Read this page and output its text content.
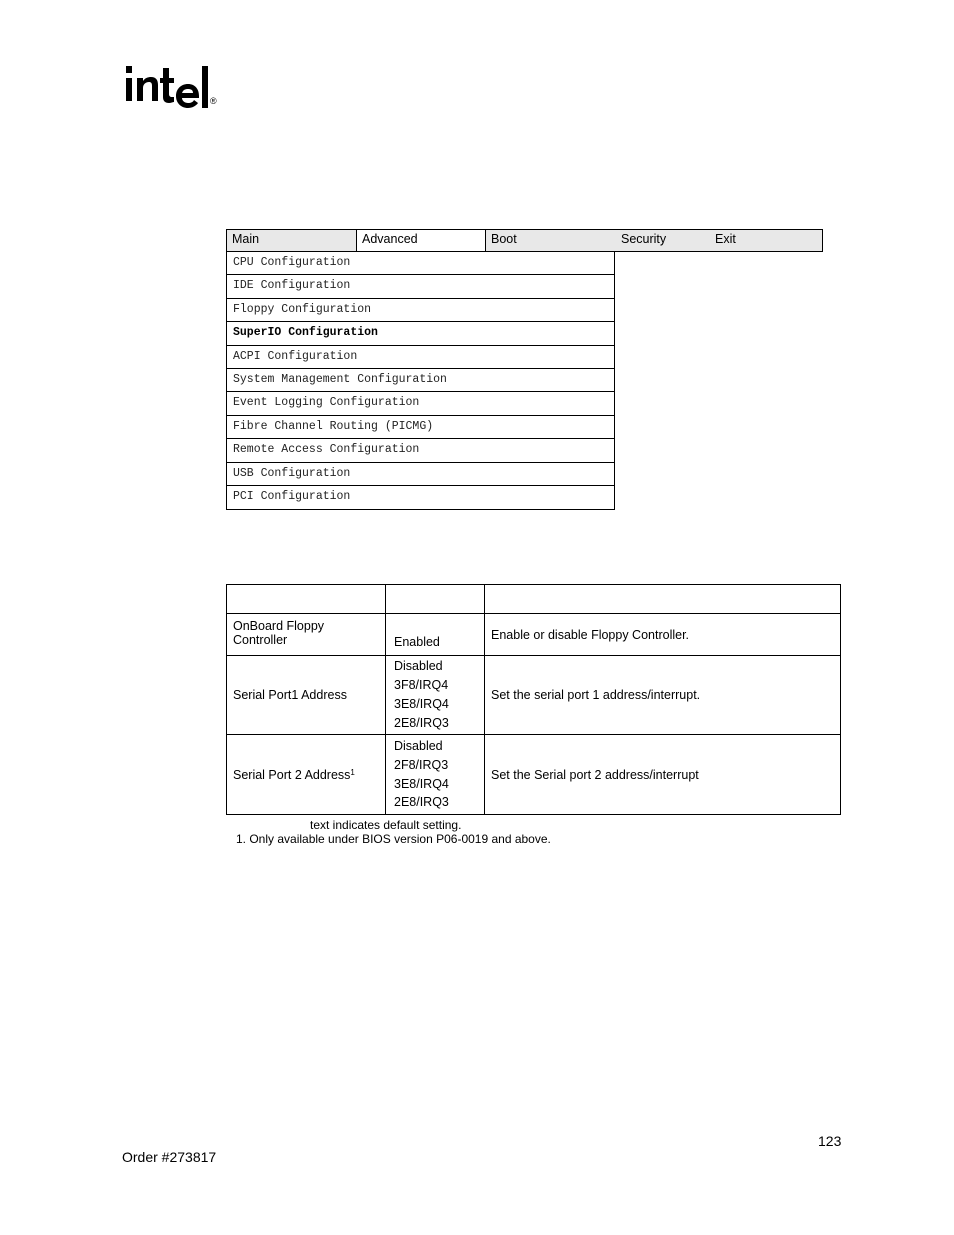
®
Main	Advanced	Boot	Security	Exit
CPU Configuration
IDE Configuration
Floppy Configuration
SuperIO Configuration
ACPI Configuration
System Management Configuration
Event Logging Configuration
Fibre Channel Routing (PICMG)
Remote Access Configuration
USB Configuration
PCI Configuration

OnBoard Floppy Controller	Enabled	Enable or disable Floppy Controller.
Serial Port1 Address	Disabled
3F8/IRQ4
3E8/IRQ4
2E8/IRQ3	Set the serial port 1 address/interrupt.
Serial Port 2 Address$^1$	Disabled
2F8/IRQ3
3E8/IRQ4
2E8/IRQ3	Set the Serial port 2 address/interrupt
text indicates default setting.
1. Only available under BIOS version P06-0019 and above.
123
Order #273817
